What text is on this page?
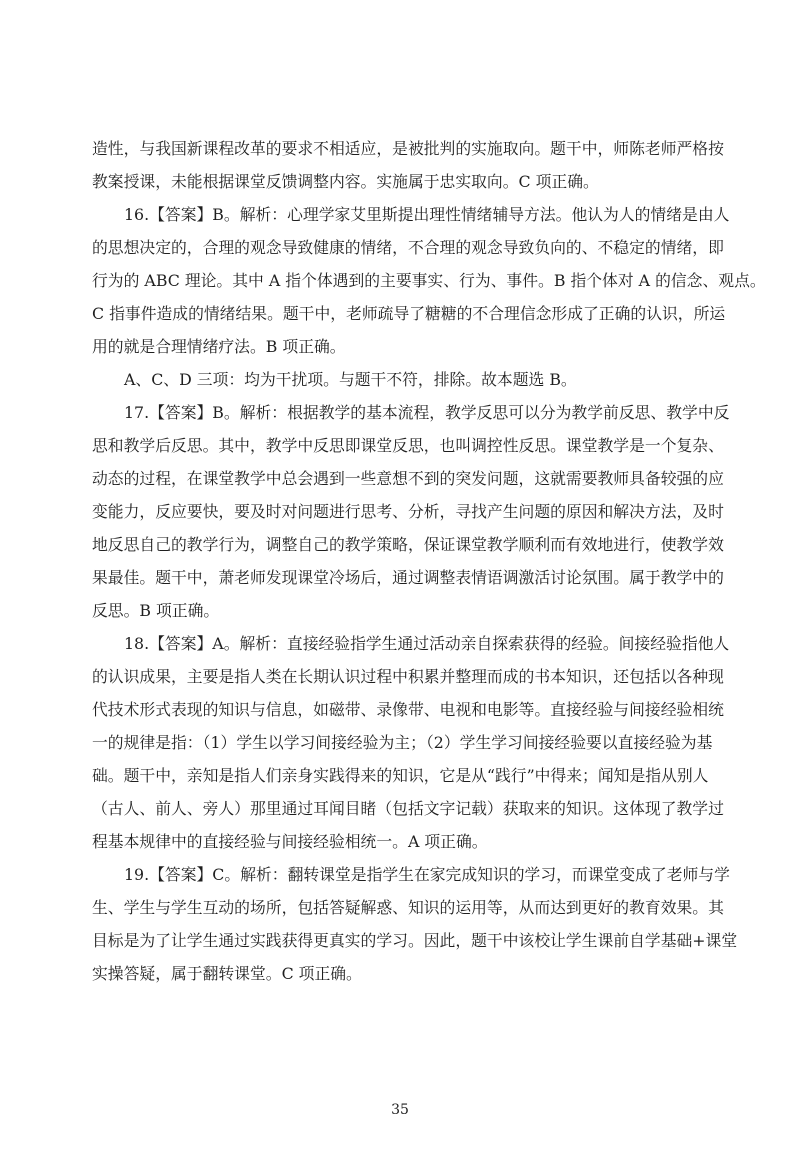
造性，与我国新课程改革的要求不相适应，是被批判的实施取向。题干中，师陈老师严格按
教案授课，未能根据课堂反馈调整内容。实施属于忠实取向。C 项正确。
16.【答案】B。解析：心理学家艾里斯提出理性情绪辅导方法。他认为人的情绪是由人
的思想决定的，合理的观念导致健康的情绪，不合理的观念导致负向的、不稳定的情绪，即
行为的 ABC 理论。其中 A 指个体遇到的主要事实、行为、事件。B 指个体对 A 的信念、观点。
C 指事件造成的情绪结果。题干中，老师疏导了糖糖的不合理信念形成了正确的认识，所运
用的就是合理情绪疗法。B 项正确。
A、C、D 三项：均为干扰项。与题干不符，排除。故本题选 B。
17.【答案】B。解析：根据教学的基本流程，教学反思可以分为教学前反思、教学中反
思和教学后反思。其中，教学中反思即课堂反思，也叫调控性反思。课堂教学是一个复杂、
动态的过程，在课堂教学中总会遇到一些意想不到的突发问题，这就需要教师具备较强的应
变能力，反应要快，要及时对问题进行思考、分析，寻找产生问题的原因和解决方法，及时
地反思自己的教学行为，调整自己的教学策略，保证课堂教学顺利而有效地进行，使教学效
果最佳。题干中，萧老师发现课堂冷场后，通过调整表情语调激活讨论氛围。属于教学中的
反思。B 项正确。
18.【答案】A。解析：直接经验指学生通过活动亲自探索获得的经验。间接经验指他人
的认识成果，主要是指人类在长期认识过程中积累并整理而成的书本知识，还包括以各种现
代技术形式表现的知识与信息，如磁带、录像带、电视和电影等。直接经验与间接经验相统
一的规律是指：（1）学生以学习间接经验为主；（2）学生学习间接经验要以直接经验为基
础。题干中，亲知是指人们亲身实践得来的知识，它是从“践行”中得来；闻知是指从别人
（古人、前人、旁人）那里通过耳闻目睹（包括文字记载）获取来的知识。这体现了教学过
程基本规律中的直接经验与间接经验相统一。A 项正确。
19.【答案】C。解析：翻转课堂是指学生在家完成知识的学习，而课堂变成了老师与学
生、学生与学生互动的场所，包括答疑解惑、知识的运用等，从而达到更好的教育效果。其
目标是为了让学生通过实践获得更真实的学习。因此，题干中该校让学生课前自学基础+课堂
实操答疑，属于翻转课堂。C 项正确。
35
